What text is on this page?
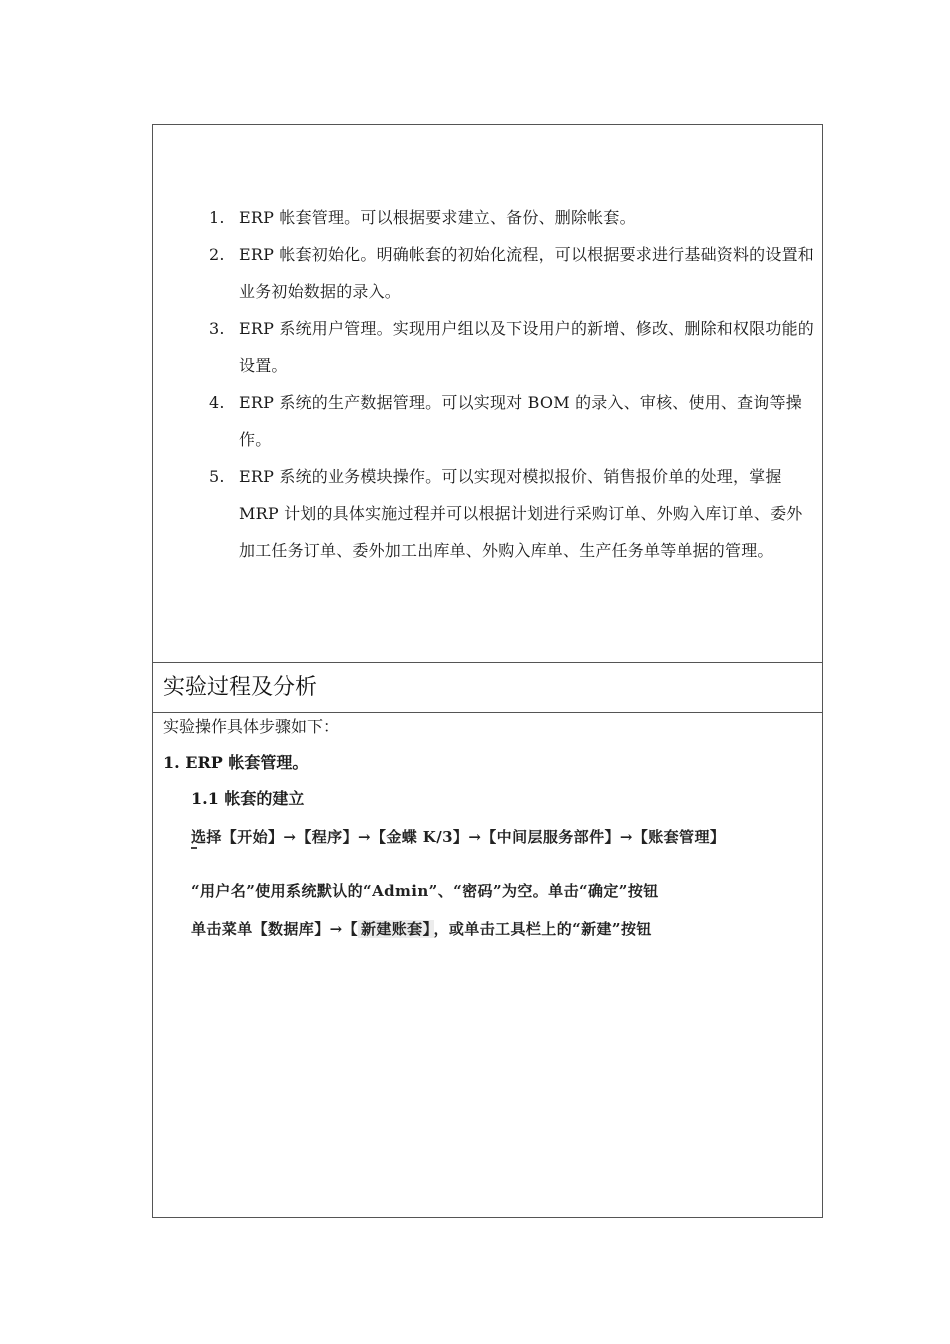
1. ERP 帐套管理。可以根据要求建立、备份、删除帐套。
2. ERP 帐套初始化。明确帐套的初始化流程，可以根据要求进行基础资料的设置和业务初始数据的录入。
3. ERP 系统用户管理。实现用户组以及下设用户的新增、修改、删除和权限功能的设置。
4. ERP 系统的生产数据管理。可以实现对 BOM 的录入、审核、使用、查询等操作。
5. ERP 系统的业务模块操作。可以实现对模拟报价、销售报价单的处理，掌握 MRP 计划的具体实施过程并可以根据计划进行采购订单、外购入库订单、委外加工任务订单、委外加工出库单、外购入库单、生产任务单等单据的管理。
实验过程及分析
实验操作具体步骤如下：
1. ERP 帐套管理。
1.1 帐套的建立
选择【开始】→【程序】→【金蝶 K/3】→【中间层服务部件】→【账套管理】
“用户名”使用系统默认的“Admin”、“密码”为空。单击“确定”按钮
单击菜单【数据库】→【 新建账套】 ，或单击工具栏上的“新建”按钮
